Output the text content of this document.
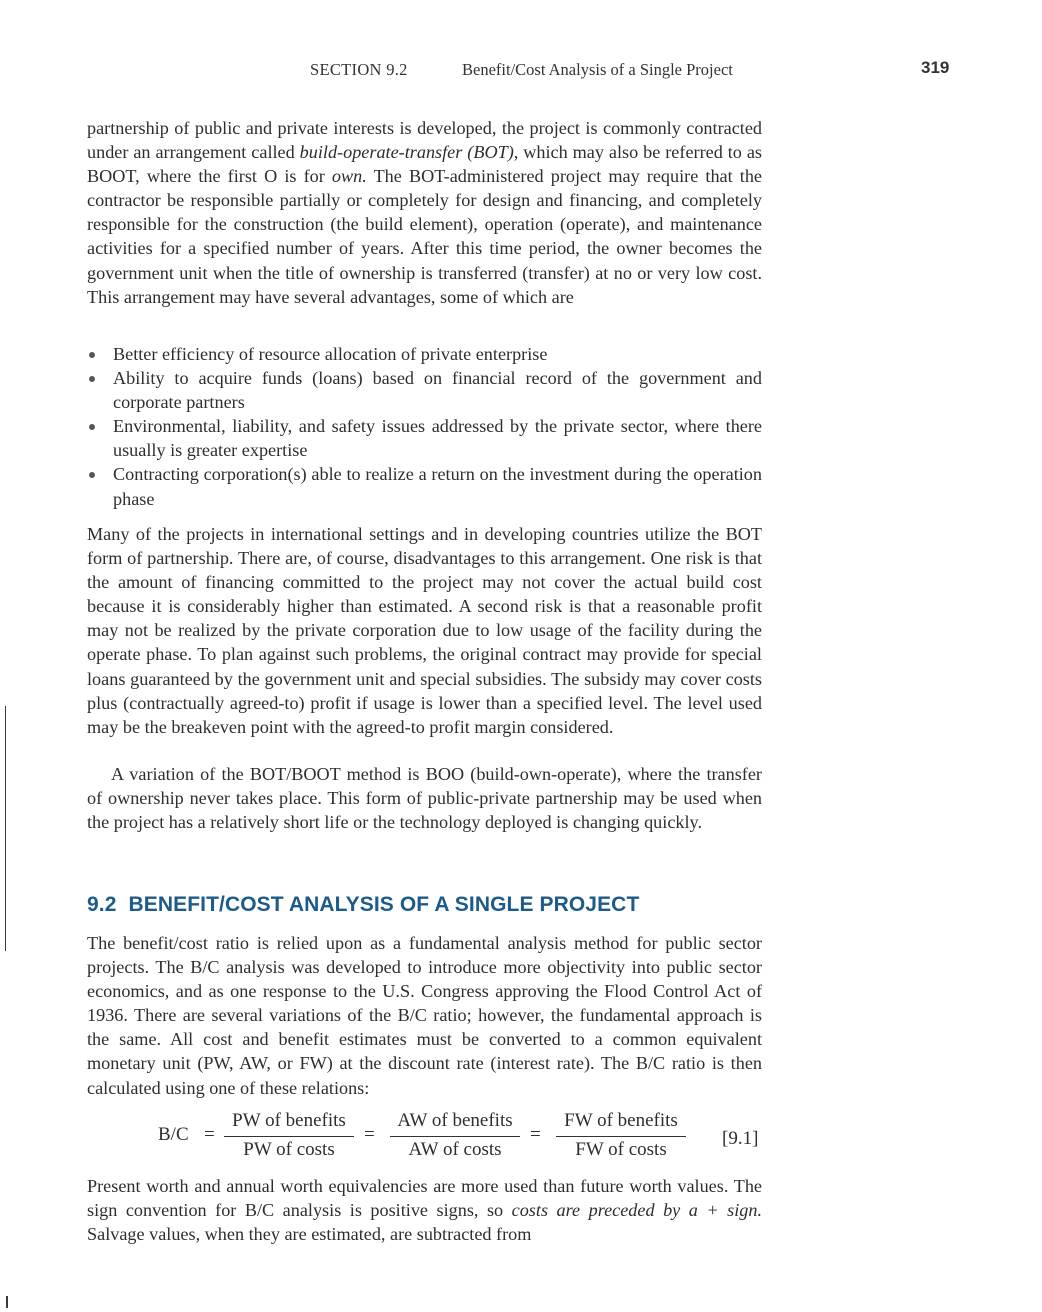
SECTION 9.2	Benefit/Cost Analysis of a Single Project	319
partnership of public and private interests is developed, the project is commonly contracted under an arrangement called build-operate-transfer (BOT), which may also be referred to as BOOT, where the first O is for own. The BOT-administered project may require that the contractor be responsible partially or completely for design and financing, and completely responsible for the construction (the build element), operation (operate), and maintenance activities for a specified number of years. After this time period, the owner becomes the government unit when the title of ownership is transferred (transfer) at no or very low cost. This arrangement may have several advantages, some of which are
Better efficiency of resource allocation of private enterprise
Ability to acquire funds (loans) based on financial record of the government and corporate partners
Environmental, liability, and safety issues addressed by the private sector, where there usually is greater expertise
Contracting corporation(s) able to realize a return on the investment during the operation phase
Many of the projects in international settings and in developing countries utilize the BOT form of partnership. There are, of course, disadvantages to this arrangement. One risk is that the amount of financing committed to the project may not cover the actual build cost because it is considerably higher than estimated. A second risk is that a reasonable profit may not be realized by the private corporation due to low usage of the facility during the operate phase. To plan against such problems, the original contract may provide for special loans guaranteed by the government unit and special subsidies. The subsidy may cover costs plus (contractually agreed-to) profit if usage is lower than a specified level. The level used may be the breakeven point with the agreed-to profit margin considered.
A variation of the BOT/BOOT method is BOO (build-own-operate), where the transfer of ownership never takes place. This form of public-private partnership may be used when the project has a relatively short life or the technology deployed is changing quickly.
9.2 BENEFIT/COST ANALYSIS OF A SINGLE PROJECT
The benefit/cost ratio is relied upon as a fundamental analysis method for public sector projects. The B/C analysis was developed to introduce more objectivity into public sector economics, and as one response to the U.S. Congress approving the Flood Control Act of 1936. There are several variations of the B/C ratio; however, the fundamental approach is the same. All cost and benefit estimates must be converted to a common equivalent monetary unit (PW, AW, or FW) at the discount rate (interest rate). The B/C ratio is then calculated using one of these relations:
B/C =
PW of benefits
PW of costs
=
AW of benefits
AW of costs
=
FW of benefits
FW of costs
[9.1]
Present worth and annual worth equivalencies are more used than future worth values. The sign convention for B/C analysis is positive signs, so costs are preceded by a + sign. Salvage values, when they are estimated, are subtracted from
